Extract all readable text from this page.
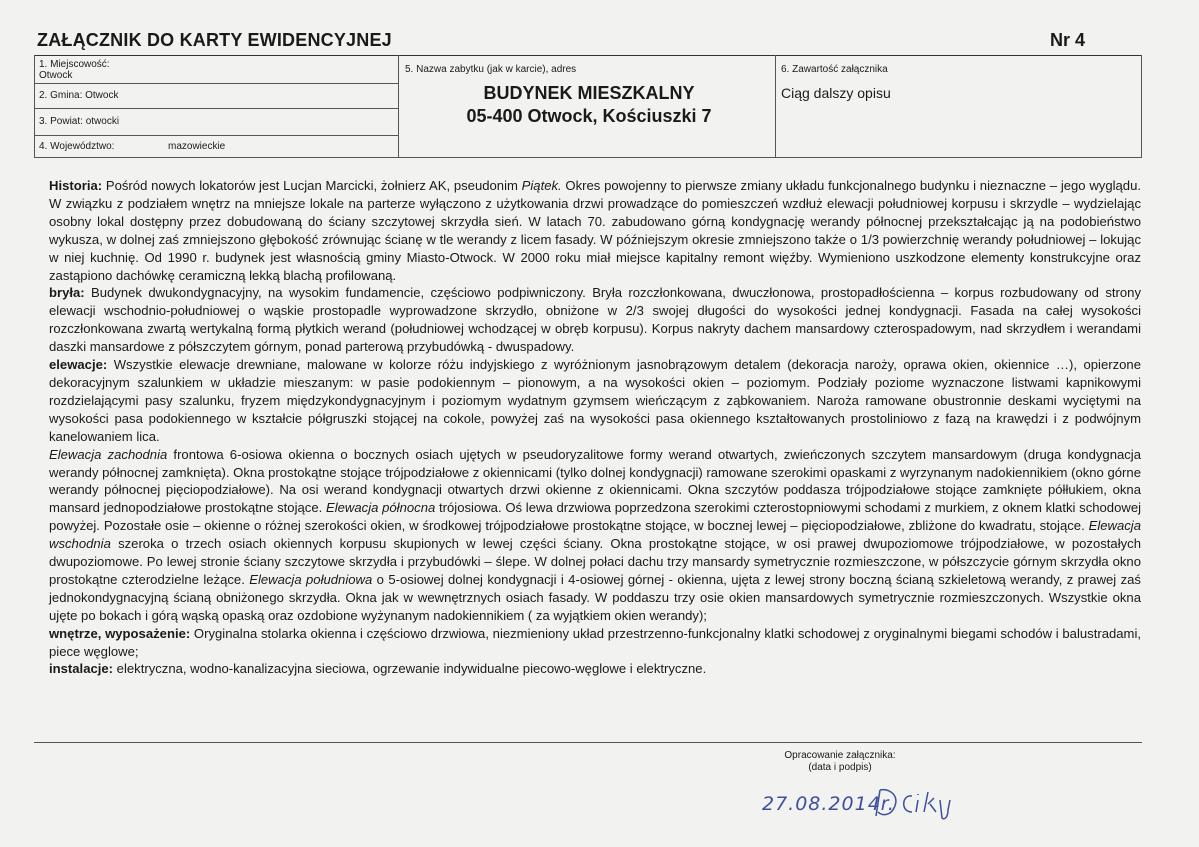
ZAŁĄCZNIK DO KARTY EWIDENCYJNEJ	Nr 4
1. Miejscowość:
Otwock
2. Gmina: Otwock
3. Powiat: otwocki
4. Województwo:	mazowieckie
5. Nazwa zabytku (jak w karcie), adres
BUDYNEK MIESZKALNY
05-400 Otwock, Kościuszki 7
6. Zawartość załącznika
Ciąg dalszy opisu

Historia: Pośród nowych lokatorów jest Lucjan Marcicki, żołnierz AK, pseudonim Piątek. Okres powojenny to pierwsze zmiany układu funkcjonalnego budynku i nieznaczne – jego wyglądu. W związku z podziałem wnętrz na mniejsze lokale na parterze wyłączono z użytkowania drzwi prowadzące do pomieszczeń wzdłuż elewacji południowej korpusu i skrzydle – wydzielając osobny lokal dostępny przez dobudowaną do ściany szczytowej skrzydła sień. W latach 70. zabudowano górną kondygnację werandy północnej przekształcając ją na podobieństwo wykusza, w dolnej zaś zmniejszono głębokość zrównując ścianę w tle werandy z licem fasady. W późniejszym okresie zmniejszono także o 1/3 powierzchnię werandy południowej – lokując w niej kuchnię. Od 1990 r. budynek jest własnością gminy Miasto-Otwock. W 2000 roku miał miejsce kapitalny remont więźby. Wymieniono uszkodzone elementy konstrukcyjne oraz zastąpiono dachówkę ceramiczną lekką blachą profilowaną.

bryła: Budynek dwukondygnacyjny, na wysokim fundamencie, częściowo podpiwniczony. Bryła rozczłonkowana, dwuczłonowa, prostopadłościenna – korpus rozbudowany od strony elewacji wschodnio-południowej o wąskie prostopadle wyprowadzone skrzydło, obniżone w 2/3 swojej długości do wysokości jednej kondygnacji. Fasada na całej wysokości rozczłonkowana zwartą wertykalną formą płytkich werand (południowej wchodzącej w obręb korpusu). Korpus nakryty dachem mansardowy czterospadowym, nad skrzydłem i werandami daszki mansardowe z półszczytem górnym, ponad parterową przybudówką - dwuspadowy.

elewacje: Wszystkie elewacje drewniane, malowane w kolorze różu indyjskiego z wyróżnionym jasnobrązowym detalem (dekoracja naroży, oprawa okien, okiennice …), opierzone dekoracyjnym szalunkiem w układzie mieszanym: w pasie podokiennym – pionowym, a na wysokości okien – poziomym. Podziały poziome wyznaczone listwami kapnikowymi rozdzielającymi pasy szalunku, fryzem międzykondygnacyjnym i poziomym wydatnym gzymsem wieńczącym z ząbkowaniem. Naroża ramowane obustronnie deskami wyciętymi na wysokości pasa podokiennego w kształcie półgruszki stojącej na cokole, powyżej zaś na wysokości pasa okiennego kształtowanych prostoliniowo z fazą na krawędzi i z podwójnym kanelowaniem lica.

Elewacja zachodnia frontowa 6-osiowa okienna o bocznych osiach ujętych w pseudoryzalitowe formy werand otwartych, zwieńczonych szczytem mansardowym (druga kondygnacja werandy północnej zamknięta). Okna prostokątne stojące trójpodziałowe z okiennicami (tylko dolnej kondygnacji) ramowane szerokimi opaskami z wyrzynanym nadokiennikiem (okno górne werandy północnej pięciopodziałowe). Na osi werand kondygnacji otwartych drzwi okienne z okiennicami. Okna szczytów poddasza trójpodziałowe stojące zamknięte półłukiem, okna mansard jednopodziałowe prostokątne stojące. Elewacja północna trójosiowa. Oś lewa drzwiowa poprzedzona szerokimi czterostopniowymi schodami z murkiem, z oknem klatki schodowej powyżej. Pozostałe osie – okienne o różnej szerokości okien, w środkowej trójpodziałowe prostokątne stojące, w bocznej lewej – pięciopodziałowe, zbliżone do kwadratu, stojące. Elewacja wschodnia szeroka o trzech osiach okiennych korpusu skupionych w lewej części ściany. Okna prostokątne stojące, w osi prawej dwupoziomowe trójpodziałowe, w pozostałych dwupoziomowe. Po lewej stronie ściany szczytowe skrzydła i przybudówki – ślepe. W dolnej połaci dachu trzy mansardy symetrycznie rozmieszczone, w półszczycie górnym skrzydła okno prostokątne czterodzielne leżące. Elewacja południowa o 5-osiowej dolnej kondygnacji i 4-osiowej górnej - okienna, ujęta z lewej strony boczną ścianą szkieletową werandy, z prawej zaś jednokondygnacyjną ścianą obniżonego skrzydła. Okna jak w wewnętrznych osiach fasady. W poddaszu trzy osie okien mansardowych symetrycznie rozmieszczonych. Wszystkie okna ujęte po bokach i górą wąską opaską oraz ozdobione wyżynanym nadokiennikiem ( za wyjątkiem okien werandy);

wnętrze, wyposażenie: Oryginalna stolarka okienna i częściowo drzwiowa, niezmieniony układ przestrzenno-funkcjonalny klatki schodowej z oryginalnymi biegami schodów i balustradami, piece węglowe;

instalacje: elektryczna, wodno-kanalizacyjna sieciowa, ogrzewanie indywidualne piecowo-węglowe i elektryczne.

Opracowanie załącznika:
(data i podpis)
27.08.2014r.
